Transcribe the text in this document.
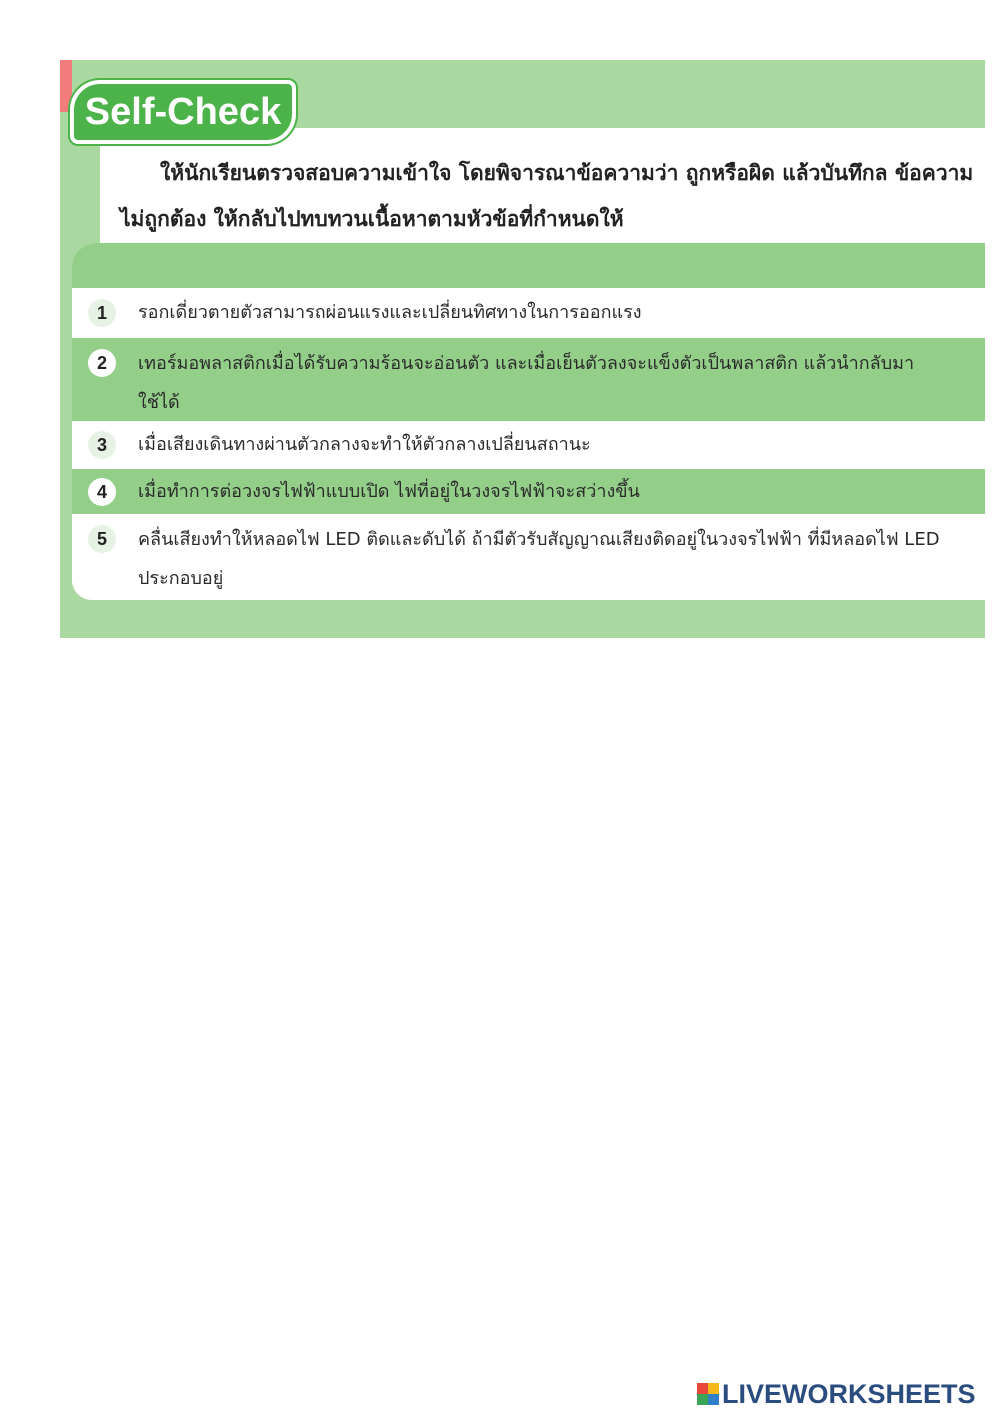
Self-Check

ให้นักเรียนตรวจสอบความเข้าใจ โดยพิจารณาข้อความว่า ถูกหรือผิด แล้วบันทึกล ข้อความไม่ถูกต้อง ให้กลับไปทบทวนเนื้อหาตามหัวข้อที่กำหนดให้

1	รอกเดี่ยวตายตัวสามารถผ่อนแรงและเปลี่ยนทิศทางในการออกแรง
2	เทอร์มอพลาสติกเมื่อได้รับความร้อนจะอ่อนตัว และเมื่อเย็นตัวลงจะแข็งตัวเป็นพลาสติก แล้วนำกลับมาใช้ได้
3	เมื่อเสียงเดินทางผ่านตัวกลางจะทำให้ตัวกลางเปลี่ยนสถานะ
4	เมื่อทำการต่อวงจรไฟฟ้าแบบเปิด ไฟที่อยู่ในวงจรไฟฟ้าจะสว่างขึ้น
5	คลื่นเสียงทำให้หลอดไฟ LED ติดและดับได้ ถ้ามีตัวรับสัญญาณเสียงติดอยู่ในวงจรไฟฟ้า ที่มีหลอดไฟ LED ประกอบอยู่
LIVEWORKSHEETS
